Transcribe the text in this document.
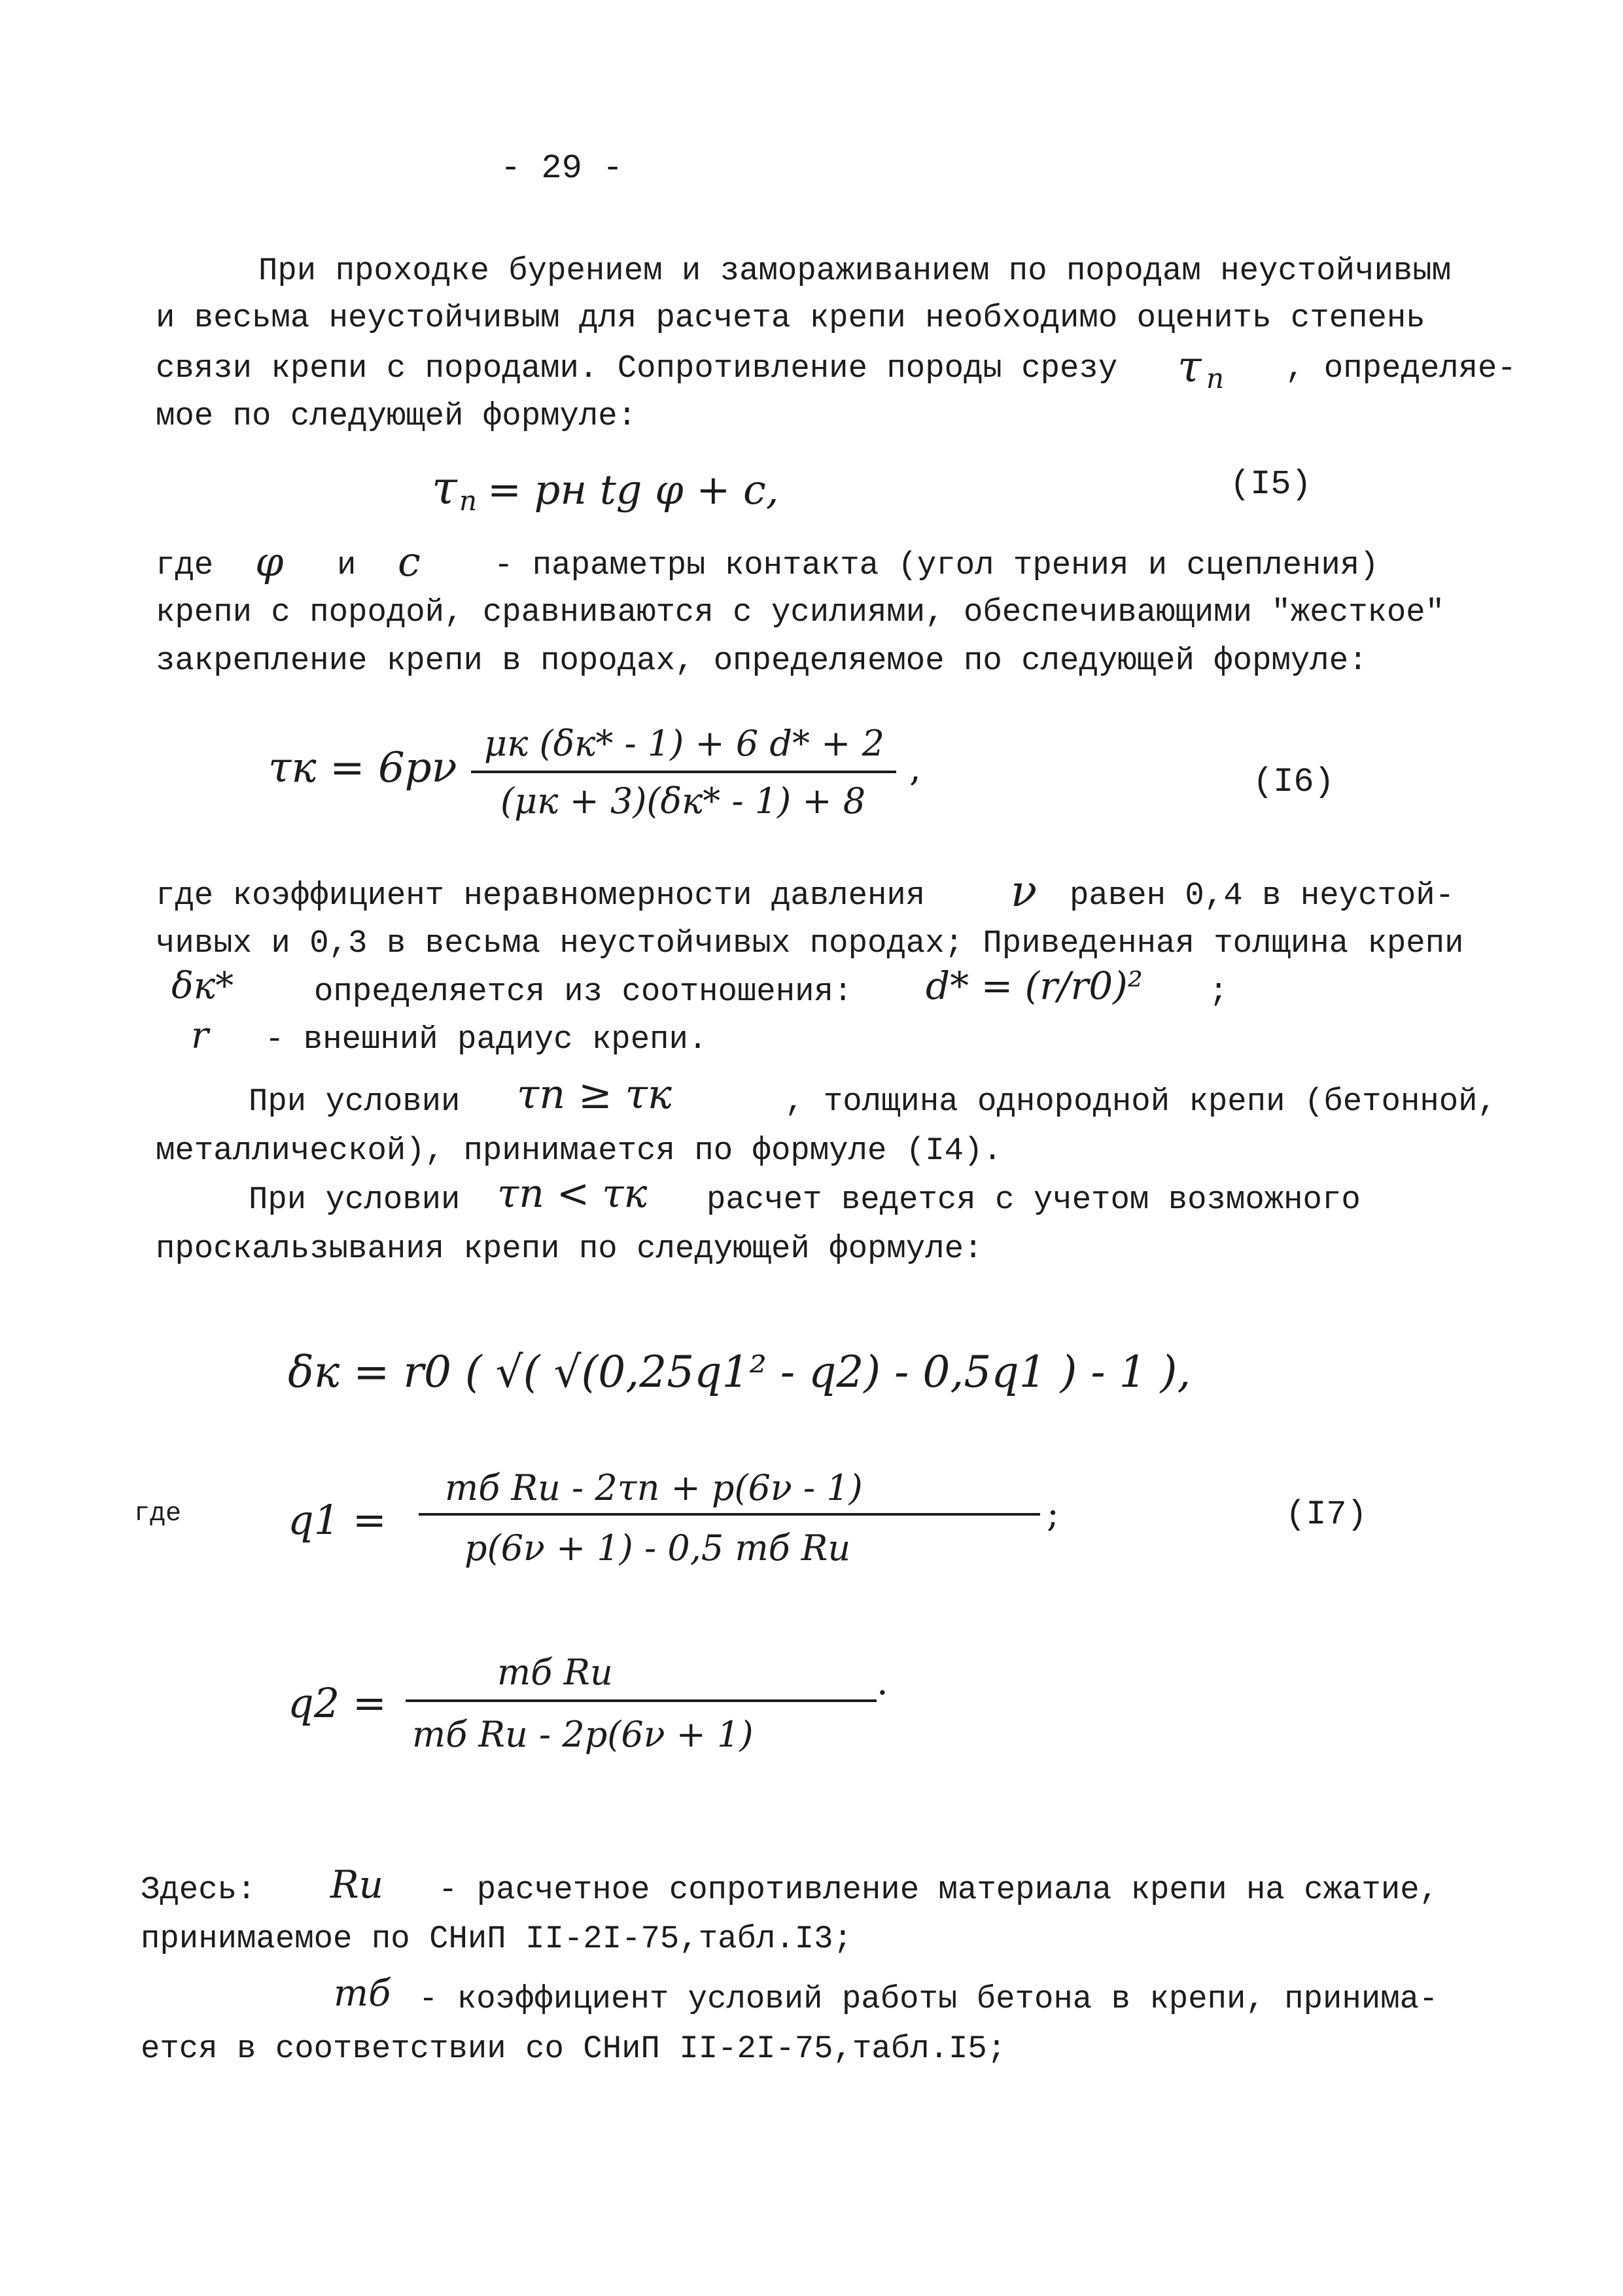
- 29 -
При проходке бурением и замораживанием по породам неустойчивым
и весьма неустойчивым для расчета крепи необходимо оценить степень
связи крепи с породами. Сопротивление породы срезу τ n , определяе-
мое по следующей формуле:
τ n = pн tg φ + c,	(I5)
где φ и c - параметры контакта (угол трения и сцепления)
крепи с породой, сравниваются с усилиями, обеспечивающими "жесткое"
закрепление крепи в породах, определяемое по следующей формуле:
τк = 6pν
μк (δк* - 1) + 6 d* + 2
(μк + 3)(δк* - 1) + 8
,	(I6)
где коэффициент неравномерности давления ν равен 0,4 в неустой-
чивых и 0,3 в весьма неустойчивых породах; Приведенная толщина крепи
δк*	определяется из соотношения: d* = (r/r0)² ;
r - внешний радиус крепи.
При условии τп ≥ τк	, толщина однородной крепи (бетонной,
металлической), принимается по формуле (I4).
При условии τп < τк расчет ведется с учетом возможного
проскальзывания крепи по следующей формуле:
δк = r0 ( √( √(0,25q1² - q2) - 0,5q1 ) - 1 ),
где	q1 =
mб Rи - 2τп + p(6ν - 1)
p(6ν + 1) - 0,5 mб Rи
;	(I7)
q2 =
mб Rи
mб Rи - 2p(6ν + 1)
.
Здесь: Rи - расчетное сопротивление материала крепи на сжатие,
принимаемое по СНиП II-2I-75,табл.I3;
mб - коэффициент условий работы бетона в крепи, принима-
ется в соответствии со СНиП II-2I-75,табл.I5;
